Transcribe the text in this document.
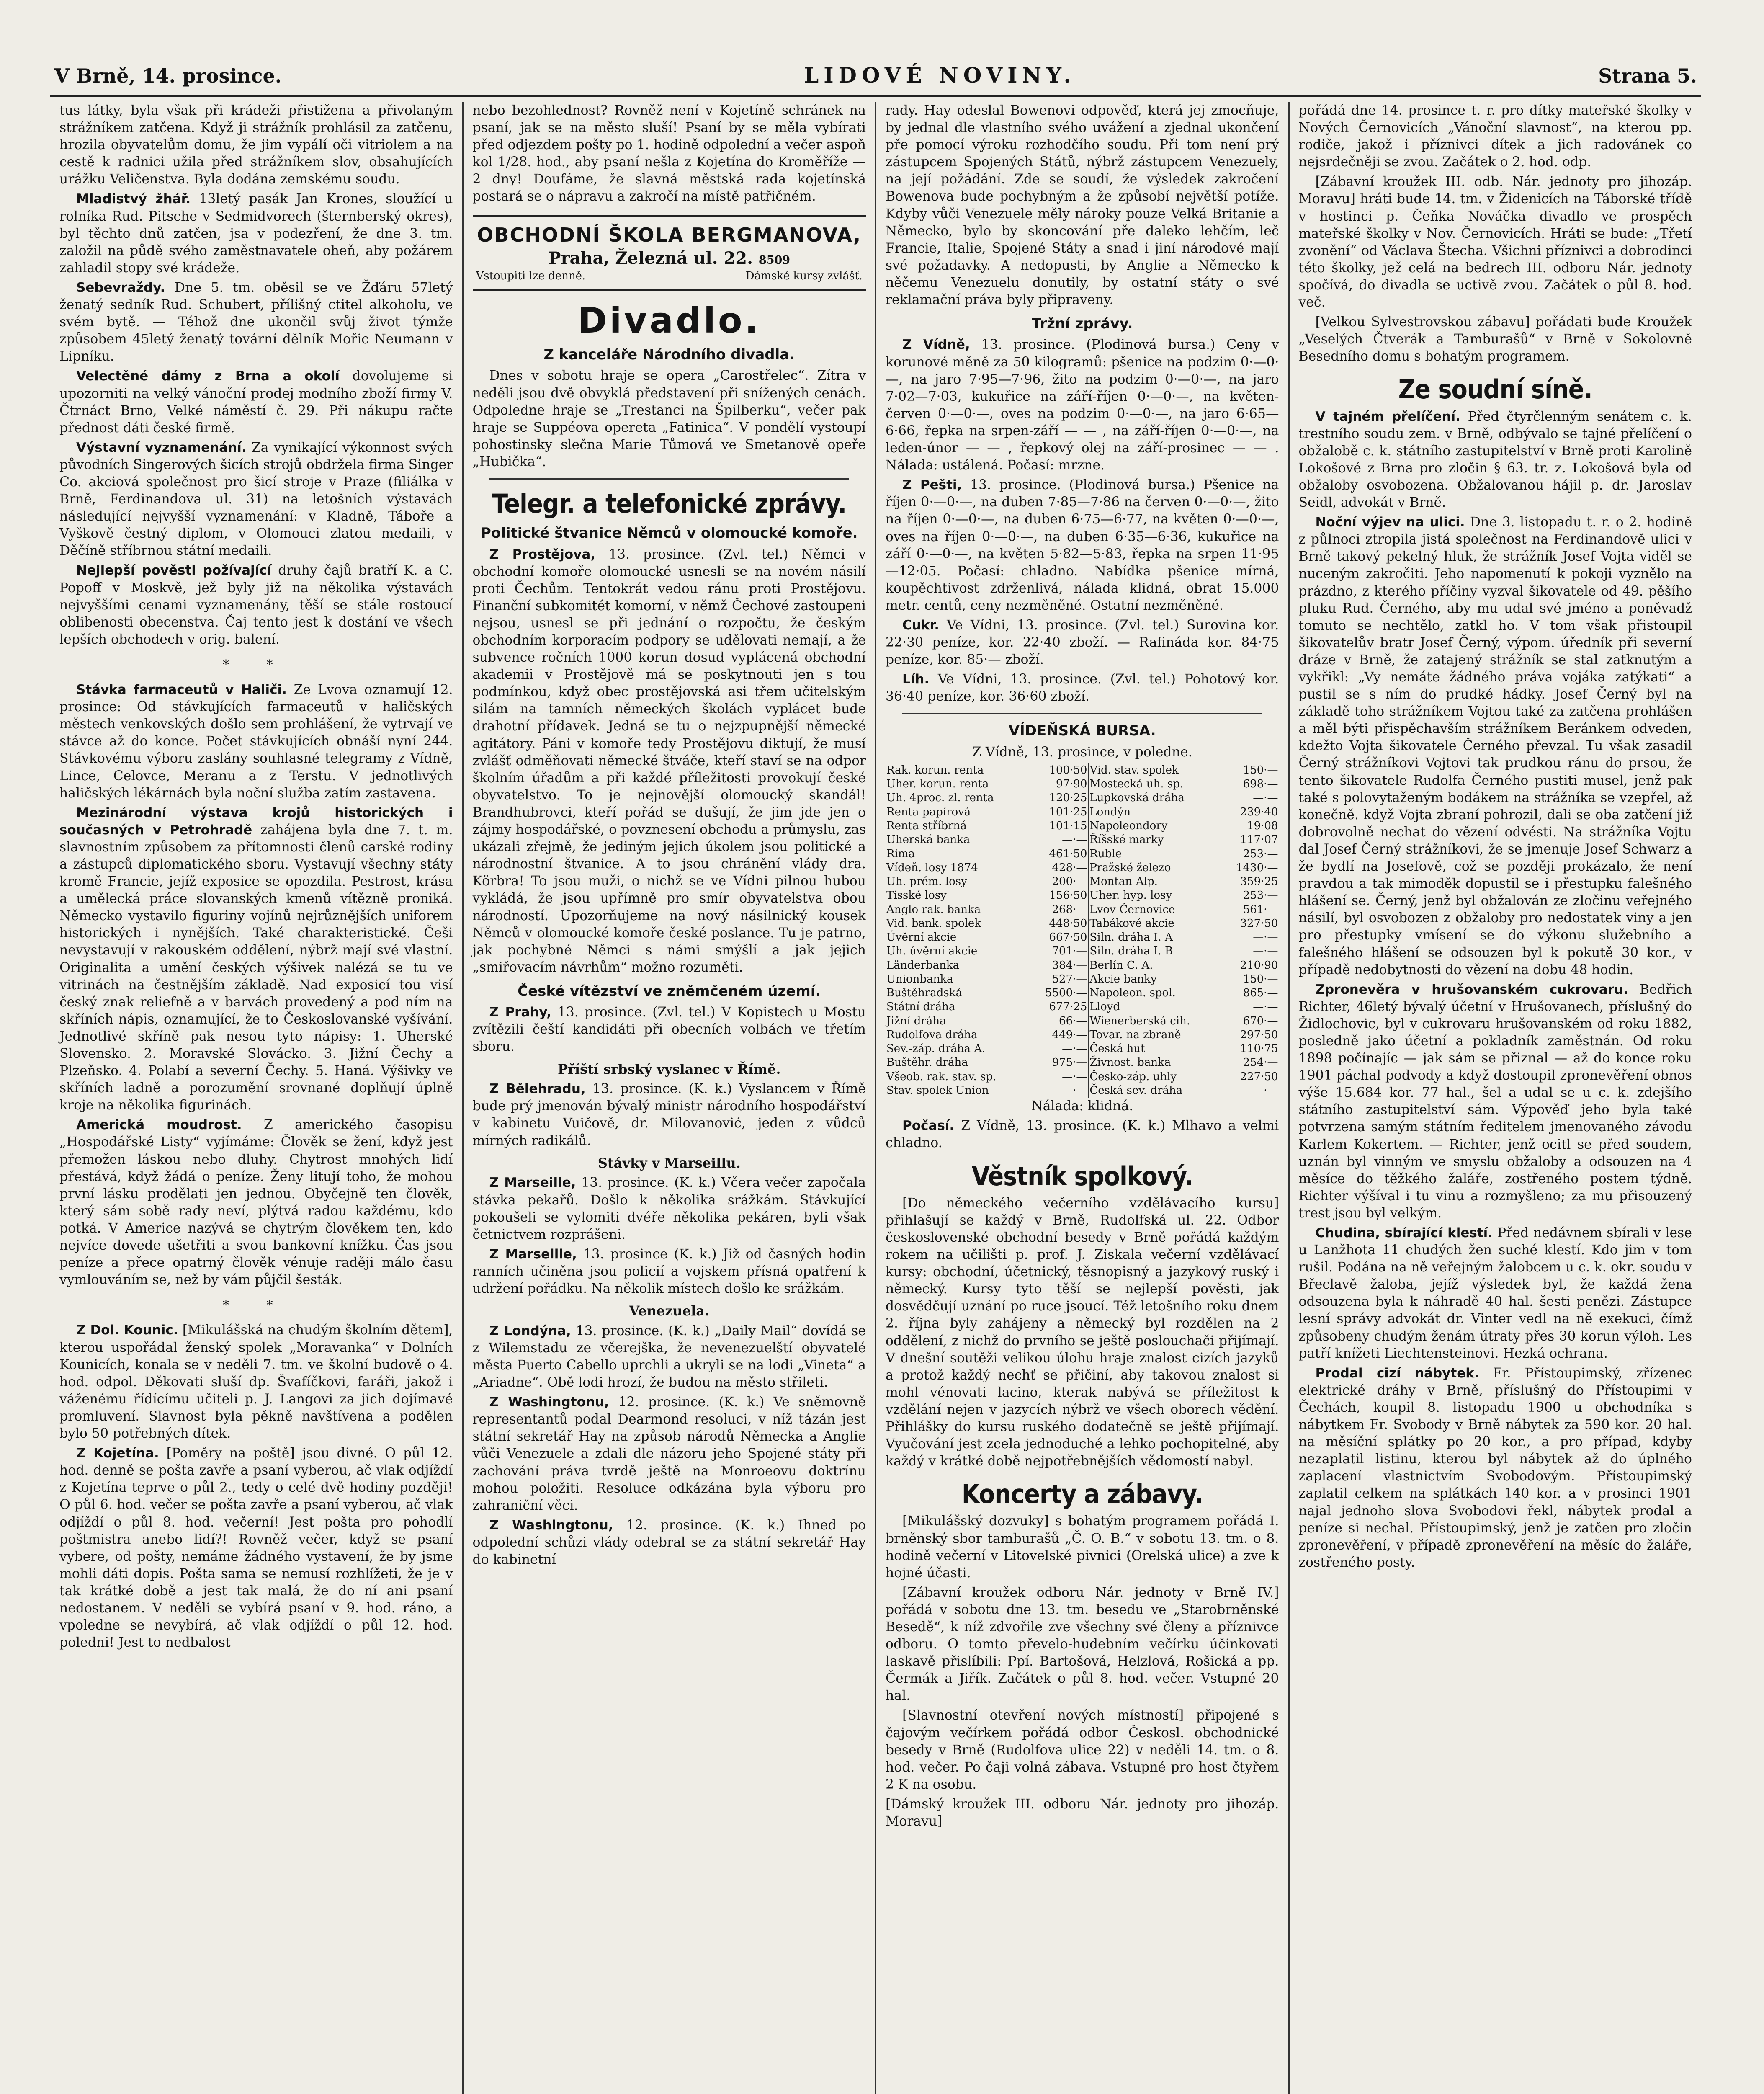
V Brně, 14. prosince.	LIDOVÉ NOVINY.	Strana 5.

tus látky, byla však při krádeži přistižena a přivolaným strážníkem zatčena. Když ji strážník prohlásil za zatčenu, hrozila obyvatelům domu, že jim vypálí oči vitriolem a na cestě k radnici užila před strážníkem slov, obsahujících urážku Veličenstva. Byla dodána zemskému soudu.

Mladistvý žhář. 13letý pasák Jan Krones, sloužící u rolníka Rud. Pitsche v Sedmidvorech (šternberský okres), byl těchto dnů zatčen, jsa v podezření, že dne 3. tm. založil na půdě svého zaměstnavatele oheň, aby požárem zahladil stopy své krádeže.

Sebevraždy. Dne 5. tm. oběsil se ve Žďáru 57letý ženatý sedník Rud. Schubert, přílišný ctitel alkoholu, ve svém bytě. — Téhož dne ukončil svůj život týmže způsobem 45letý ženatý tovární dělník Mořic Neumann v Lipníku.

Velectěné dámy z Brna a okolí dovolujeme si upozorniti na velký vánoční prodej modního zboží firmy V. Čtrnáct Brno, Velké náměstí č. 29. Při nákupu račte přednost dáti české firmě.

Výstavní vyznamenání. Za vynikající výkonnost svých původních Singerových šicích strojů obdržela firma Singer Co. akciová společnost pro šicí stroje v Praze (filiálka v Brně, Ferdinandova ul. 31) na letošních výstavách následující nejvyšší vyznamenání: v Kladně, Táboře a Vyškově čestný diplom, v Olomouci zlatou medaili, v Děčíně stříbrnou státní medaili.

Nejlepší pověsti požívající druhy čajů bratří K. a C. Popoff v Moskvě, jež byly již na několika výstavách nejvyššími cenami vyznamenány, těší se stále rostoucí oblibenosti obecenstva. Čaj tento jest k dostání ve všech lepších obchodech v orig. balení.

* *

Stávka farmaceutů v Haliči. Ze Lvova oznamují 12. prosince: Od stávkujících farmaceutů v haličských městech venkovských došlo sem prohlášení, že vytrvají ve stávce až do konce. Počet stávkujících obnáší nyní 244. Stávkovému výboru zaslány souhlasné telegramy z Vídně, Lince, Celovce, Meranu a z Terstu. V jednotlivých haličských lékárnách byla noční služba zatím zastavena.

Mezinárodní výstava krojů historických i současných v Petrohradě zahájena byla dne 7. t. m. slavnostním způsobem za přítomnosti členů carské rodiny a zástupců diplomatického sboru. Vystavují všechny státy kromě Francie, jejíž exposice se opozdila. Pestrost, krása a umělecká práce slovanských kmenů vítězně proniká. Německo vystavilo figuriny vojínů nejrůznějších uniforem historických i nynějších. Také charakteristické. Češi nevystavují v rakouském oddělení, nýbrž mají své vlastní. Originalita a umění českých výšivek nalézá se tu ve vitrinách na čestnějším základě. Nad exposicí tou visí český znak reliefně a v barvách provedený a pod ním na skříních nápis, oznamující, že to Českoslovanské vyšívání. Jednotlivé skříně pak nesou tyto nápisy: 1. Uherské Slovensko. 2. Moravské Slovácko. 3. Jižní Čechy a Plzeňsko. 4. Polabí a severní Čechy. 5. Haná. Výšivky ve skříních ladně a porozumění srovnané doplňují úplně kroje na několika figurinách.

Americká moudrost. Z amerického časopisu „Hospodářské Listy“ vyjímáme: Člověk se žení, když jest přemožen láskou nebo dluhy. Chytrost mnohých lidí přestává, když žádá o peníze. Ženy litují toho, že mohou první lásku prodělati jen jednou. Obyčejně ten člověk, který sám sobě rady neví, plýtvá radou každému, kdo potká. V Americe nazývá se chytrým člověkem ten, kdo nejvíce dovede ušetřiti a svou bankovní knížku. Čas jsou peníze a přece opatrný člověk vénuje raději málo času vymlouváním se, než by vám půjčil šesták.

* *

Z Dol. Kounic. [Mikulášská na chudým školním dětem], kterou uspořádal ženský spolek „Moravanka“ v Dolních Kounicích, konala se v neděli 7. tm. ve školní budově o 4. hod. odpol. Děkovati sluší dp. Švafíčkovi, faráři, jakož i váženému řídícímu učiteli p. J. Langovi za jich dojímavé promluvení. Slavnost byla pěkně navštívena a podělen bylo 50 potřebných dítek.

Z Kojetína. [Poměry na poště] jsou divné. O půl 12. hod. denně se pošta zavře a psaní vyberou, ač vlak odjíždí z Kojetína teprve o půl 2., tedy o celé dvě hodiny později! O půl 6. hod. večer se pošta zavře a psaní vyberou, ač vlak odjíždí o půl 8. hod. večerní! Jest pošta pro pohodlí poštmistra anebo lidí?! Rovněž večer, když se psaní vybere, od pošty, nemáme žádného vystavení, že by jsme mohli dáti dopis. Pošta sama se nemusí rozhlížeti, že je v tak krátké době a jest tak malá, že do ní ani psaní nedostanem. V neděli se vybírá psaní v 9. hod. ráno, a vpoledne se nevybírá, ač vlak odjíždí o půl 12. hod. poledni! Jest to nedbalost

nebo bezohlednost? Rovněž není v Kojetíně schránek na psaní, jak se na město sluší! Psaní by se měla vybírati před odjezdem pošty po 1. hodině odpolední a večer aspoň kol 1/28. hod., aby psaní nešla z Kojetína do Kroměříže — 2 dny! Doufáme, že slavná městská rada kojetínská postará se o nápravu a zakročí na místě patřičném.

OBCHODNÍ ŠKOLA BERGMANOVA,
Praha, Železná ul. 22. 8509
Vstoupiti lze denně.	Dámské kursy zvlášť.
Divadlo.
Z kanceláře Národního divadla.

Dnes v sobotu hraje se opera „Carostřelec“. Zítra v neděli jsou dvě obvyklá představení při snížených cenách. Odpoledne hraje se „Trestanci na Špilberku“, večer pak hraje se Suppéova opereta „Fatinica“. V pondělí vystoupí pohostinsky slečna Marie Tůmová ve Smetanově opeře „Hubička“.

Telegr. a telefonické zprávy.
Politické štvanice Němců v olomoucké komoře.

Z Prostějova, 13. prosince. (Zvl. tel.) Němci v obchodní komoře olomoucké usnesli se na novém násilí proti Čechům. Tentokrát vedou ránu proti Prostějovu. Finanční subkomitét komorní, v němž Čechové zastoupeni nejsou, usnesl se při jednání o rozpočtu, že českým obchodním korporacím podpory se udělovati nemají, a že subvence ročních 1000 korun dosud vyplácená obchodní akademii v Prostějově má se poskytnouti jen s tou podmínkou, když obec prostějovská asi třem učitelským silám na tamních německých školách vyplácet bude drahotní přídavek. Jedná se tu o nejzpupnější německé agitátory. Páni v komoře tedy Prostějovu diktují, že musí zvlášť odměňovati německé štváče, kteří staví se na odpor školním úřadům a při každé příležitosti provokují české obyvatelstvo. To je nejnovější olomoucký skandál! Brandhubrovci, kteří pořád se dušují, že jim jde jen o zájmy hospodářské, o povznesení obchodu a průmyslu, zas ukázali zřejmě, že jediným jejich úkolem jsou politické a národnostní štvanice. A to jsou chránění vlády dra. Körbra! To jsou muži, o nichž se ve Vídni pilnou hubou vykládá, že jsou upřímně pro smír obyvatelstva obou národností. Upozorňujeme na nový násilnický kousek Němců v olomoucké komoře české poslance. Tu je patrno, jak pochybné Němci s námi smýšlí a jak jejich „smiřovacím návrhům“ možno rozuměti.

České vítězství ve zněmčeném území.

Z Prahy, 13. prosince. (Zvl. tel.) V Kopistech u Mostu zvítězili čeští kandidáti při obecních volbách ve třetím sboru.

Příští srbský vyslanec v Římě.

Z Bělehradu, 13. prosince. (K. k.) Vyslancem v Římě bude prý jmenován bývalý ministr národního hospodářství v kabinetu Vuičově, dr. Milovanović, jeden z vůdců mírných radikálů.

Stávky v Marseillu.

Z Marseille, 13. prosince. (K. k.) Včera večer započala stávka pekařů. Došlo k několika srážkám. Stávkující pokoušeli se vylomiti dvéře několika pekáren, byli však četnictvem rozprášeni.

Z Marseille, 13. prosince (K. k.) Již od časných hodin ranních učiněna jsou policií a vojskem přísná opatření k udržení pořádku. Na několik místech došlo ke srážkám.

Venezuela.

Z Londýna, 13. prosince. (K. k.) „Daily Mail“ dovídá se z Wilemstadu ze včerejška, že nevenezuelští obyvatelé města Puerto Cabello uprchli a ukryli se na lodi „Vineta“ a „Ariadne“. Obě lodi hrozí, že budou na město střileti.

Z Washingtonu, 12. prosince. (K. k.) Ve sněmovně representantů podal Dearmond resoluci, v níž tázán jest státní sekretář Hay na způsob národů Německa a Anglie vůči Venezuele a zdali dle názoru jeho Spojené státy při zachování práva tvrdě ještě na Monroeovu doktrínu mohou položiti. Resoluce odkázána byla výboru pro zahraniční věci.

Z Washingtonu, 12. prosince. (K. k.) Ihned po odpolední schůzi vlády odebral se za státní sekretář Hay do kabinetní

rady. Hay odeslal Bowenovi odpověď, která jej zmocňuje, by jednal dle vlastního svého uvážení a zjednal ukončení pře pomocí výroku rozhodčího soudu. Při tom není prý zástupcem Spojených Států, nýbrž zástupcem Venezuely, na její požádání. Zde se soudí, že výsledek zakročení Bowenova bude pochybným a že způsobí největší potíže. Kdyby vůči Venezuele měly nároky pouze Velká Britanie a Německo, bylo by skoncování pře daleko lehčím, leč Francie, Italie, Spojené Státy a snad i jiní národové mají své požadavky. A nedopusti, by Anglie a Německo k něčemu Venezuelu donutily, by ostatní státy o své reklamační práva byly připraveny.

Tržní zprávy.

Z Vídně, 13. prosince. (Plodinová bursa.) Ceny v korunové měně za 50 kilogramů: pšenice na podzim 0·—0·—, na jaro 7·95—7·96, žito na podzim 0·—0·—, na jaro 7·02—7·03, kukuřice na září-říjen 0·—0·—, na květen-červen 0·—0·—, oves na podzim 0·—0·—, na jaro 6·65—6·66, řepka na srpen-září — — , na září-říjen 0·—0·—, na leden-únor — — , řepkový olej na září-prosinec — — . Nálada: ustálená. Počasí: mrzne.

Z Pešti, 13. prosince. (Plodinová bursa.) Pšenice na říjen 0·—0·—, na duben 7·85—7·86 na červen 0·—0·—, žito na říjen 0·—0·—, na duben 6·75—6·77, na květen 0·—0·—, oves na říjen 0·—0·—, na duben 6·35—6·36, kukuřice na září 0·—0·—, na květen 5·82—5·83, řepka na srpen 11·95—12·05. Počasí: chladno. Nabídka pšenice mírná, koupěchtivost zdrženlivá, nálada klidná, obrat 15.000 metr. centů, ceny nezměněné. Ostatní nezměněné.

Cukr. Ve Vídni, 13. prosince. (Zvl. tel.) Surovina kor. 22·30 peníze, kor. 22·40 zboží. — Rafináda kor. 84·75 peníze, kor. 85·— zboží.

Líh. Ve Vídni, 13. prosince. (Zvl. tel.) Pohotový kor. 36·40 peníze, kor. 36·60 zboží.

VÍDEŇSKÁ BURSA.

Z Vídně, 13. prosince, v poledne.

Rak. korun. renta	100·50	Vid. stav. spolek	150·—
Uher. korun. renta	97·90	Mostecká uh. sp.	698·—
Uh. 4proc. zl. renta	120·25	Lupkovská dráha	—·—
Renta papírová	101·25	Londýn	239·40
Renta stříbrná	101·15	Napoleondory	19·08
Uherská banka	—·—	Říšské marky	117·07
Rima	461·50	Ruble	253·—
Vídeň. losy 1874	428·—	Pražské železo	1430·—
Uh. prém. losy	200·—	Montan-Alp.	359·25
Tisské losy	156·50	Uher. hyp. losy	253·—
Anglo-rak. banka	268·—	Lvov-Černovice	561·—
Vid. bank. spolek	448·50	Tabákové akcie	327·50
Úvěrní akcie	667·50	Siln. dráha I. A	—·—
Uh. úvěrní akcie	701·—	Siln. dráha I. B	—·—
Länderbanka	384·—	Berlín C. A.	210·90
Unionbanka	527·—	Akcie banky	150·—
Buštěhradská	5500·—	Napoleon. spol.	865·—
Státní dráha	677·25	Lloyd	—·—
Jižní dráha	66·—	Wienerberská cih.	670·—
Rudolfova dráha	449·—	Tovar. na zbraně	297·50
Sev.-záp. dráha A.	—·—	Česká hut	110·75
Buštěhr. dráha	975·—	Živnost. banka	254·—
Všeob. rak. stav. sp.	—·—	Česko-záp. uhly	227·50
Stav. spolek Union	—·—	Česká sev. dráha	—·—

Nálada: klidná.

Počasí. Z Vídně, 13. prosince. (K. k.) Mlhavo a velmi chladno.

Věstník spolkový.

[Do německého večerního vzdělávacího kursu] přihlašují se každý v Brně, Rudolfská ul. 22. Odbor československé obchodní besedy v Brně pořádá každým rokem na učilišti p. prof. J. Ziskala večerní vzdělávací kursy: obchodní, účetnický, těsnopisný a jazykový ruský i německý. Kursy tyto těší se nejlepší pověsti, jak dosvědčují uznání po ruce jsoucí. Též letošního roku dnem 2. října byly zahájeny a německý byl rozdělen na 2 oddělení, z nichž do prvního se ještě poslouchači přijímají. V dnešní soutěži velikou úlohu hraje znalost cizích jazyků a protož každý nechť se přičiní, aby takovou znalost si mohl vénovati lacino, kterak nabývá se příležitost k vzdělání nejen v jazycích nýbrž ve všech oborech vědění. Přihlášky do kursu ruského dodatečně se ještě přijímají. Vyučování jest zcela jednoduché a lehko pochopitelné, aby každý v krátké době nejpotřebnějších vědomostí nabyl.

Koncerty a zábavy.

[Mikulášský dozvuky] s bohatým programem pořádá I. brněnský sbor tamburašů „Č. O. B.“ v sobotu 13. tm. o 8. hodině večerní v Litovelské pivnici (Orelská ulice) a zve k hojné účasti.

[Zábavní kroužek odboru Nár. jednoty v Brně IV.] pořádá v sobotu dne 13. tm. besedu ve „Starobrněnské Besedě“, k níž zdvořile zve všechny své členy a příznivce odboru. O tomto převelo-hudebním večírku účinkovati laskavě přislíbili: Ppí. Bartošová, Helzlová, Rošická a pp. Čermák a Jiřík. Začátek o půl 8. hod. večer. Vstupné 20 hal.

[Slavnostní otevření nových místností] připojené s čajovým večírkem pořádá odbor Českosl. obchodnické besedy v Brně (Rudolfova ulice 22) v neděli 14. tm. o 8. hod. večer. Po čaji volná zábava. Vstupné pro host čtyřem 2 K na osobu.

[Dámský kroužek III. odboru Nár. jednoty pro jihozáp. Moravu]

pořádá dne 14. prosince t. r. pro dítky mateřské školky v Nových Černovicích „Vánoční slavnost“, na kterou pp. rodiče, jakož i příznivci dítek a jich radovánek co nejsrdečněji se zvou. Začátek o 2. hod. odp.

[Zábavní kroužek III. odb. Nár. jednoty pro jihozáp. Moravu] hráti bude 14. tm. v Židenicích na Táborské třídě v hostinci p. Čeňka Nováčka divadlo ve prospěch mateřské školky v Nov. Černovicích. Hráti se bude: „Třetí zvonění“ od Václava Štecha. Všichni příznivci a dobrodinci této školky, jež celá na bedrech III. odboru Nár. jednoty spočívá, do divadla se uctivě zvou. Začátek o půl 8. hod. več.

[Velkou Sylvestrovskou zábavu] pořádati bude Kroužek „Veselých Čtverák a Tamburašů“ v Brně v Sokolovně Besedního domu s bohatým programem.

Ze soudní síně.

V tajném přelíčení. Před čtyrčlenným senátem c. k. trestního soudu zem. v Brně, odbývalo se tajné přelíčení o obžalobě c. k. státního zastupitelství v Brně proti Karolině Lokošové z Brna pro zločin § 63. tr. z. Lokošová byla od obžaloby osvobozena. Obžalovanou hájil p. dr. Jaroslav Seidl, advokát v Brně.

Noční výjev na ulici. Dne 3. listopadu t. r. o 2. hodině z půlnoci ztropila jistá společnost na Ferdinandově ulici v Brně takový pekelný hluk, že strážník Josef Vojta viděl se nuceným zakročiti. Jeho napomenutí k pokoji vyznělo na prázdno, z kterého příčiny vyzval šikovatele od 49. pěšího pluku Rud. Černého, aby mu udal své jméno a poněvadž tomuto se nechtělo, zatkl ho. V tom však přistoupil šikovatelův bratr Josef Černý, výpom. úředník při severní dráze v Brně, že zatajený strážník se stal zatknutým a vykřikl: „Vy nemáte žádného práva vojáka zatýkati“ a pustil se s ním do prudké hádky. Josef Černý byl na základě toho strážníkem Vojtou také za zatčena prohlášen a měl býti přispěchavším strážníkem Beránkem odveden, kdežto Vojta šikovatele Černého převzal. Tu však zasadil Černý strážníkovi Vojtovi tak prudkou ránu do prsou, že tento šikovatele Rudolfa Černého pustiti musel, jenž pak také s polovytaženým bodákem na strážníka se vzepřel, až konečně. když Vojta zbraní pohrozil, dali se oba zatčení již dobrovolně nechat do vězení odvésti. Na strážníka Vojtu dal Josef Černý strážníkovi, že se jmenuje Josef Schwarz a že bydlí na Josefově, což se později prokázalo, že není pravdou a tak mimoděk dopustil se i přestupku falešného hlášení se. Černý, jenž byl obžalován ze zločinu veřejného násilí, byl osvobozen z obžaloby pro nedostatek viny a jen pro přestupky vmísení se do výkonu služebního a falešného hlášení se odsouzen byl k pokutě 30 kor., v případě nedobytnosti do vězení na dobu 48 hodin.

Zpronevěra v hrušovanském cukrovaru. Bedřich Richter, 46letý bývalý účetní v Hrušovanech, příslušný do Židlochovic, byl v cukrovaru hrušovanském od roku 1882, posledně jako účetní a pokladník zaměstnán. Od roku 1898 počínajíc — jak sám se přiznal — až do konce roku 1901 páchal podvody a když dostoupil zpronevěření obnos výše 15.684 kor. 77 hal., šel a udal se u c. k. zdejšího státního zastupitelství sám. Výpověď jeho byla také potvrzena samým státním ředitelem jmenovaného závodu Karlem Kokertem. — Richter, jenž ocitl se před soudem, uznán byl vinným ve smyslu obžaloby a odsouzen na 4 měsíce do těžkého žaláře, zostřeného postem týdně. Richter výšíval i tu vinu a rozmyšleno; za mu přisouzený trest jsou byl velkým.

Chudina, sbírající klestí. Před nedávnem sbírali v lese u Lanžhota 11 chudých žen suché klestí. Kdo jim v tom rušil. Podána na ně veřejným žalobcem u c. k. okr. soudu v Břeclavě žaloba, jejíž výsledek byl, že každá žena odsouzena byla k náhradě 40 hal. šesti penězi. Zástupce lesní správy advokát dr. Vinter vedl na ně exekuci, čímž způsobeny chudým ženám útraty přes 30 korun výloh. Les patří knížeti Liechtensteinovi. Hezká ochrana.

Prodal cizí nábytek. Fr. Přístoupimský, zřízenec elektrické dráhy v Brně, příslušný do Přístoupimi v Čechách, koupil 8. listopadu 1900 u obchodníka s nábytkem Fr. Svobody v Brně nábytek za 590 kor. 20 hal. na měsíční splátky po 20 kor., a pro případ, kdyby nezaplatil listinu, kterou byl nábytek až do úplného zaplacení vlastnictvím Svobodovým. Přístoupimský zaplatil celkem na splátkách 140 kor. a v prosinci 1901 najal jednoho slova Svobodovi řekl, nábytek prodal a peníze si nechal. Přístoupimský, jenž je zatčen pro zločin zpronevěření, v případě zpronevěření na měsíc do žaláře, zostřeného posty.
